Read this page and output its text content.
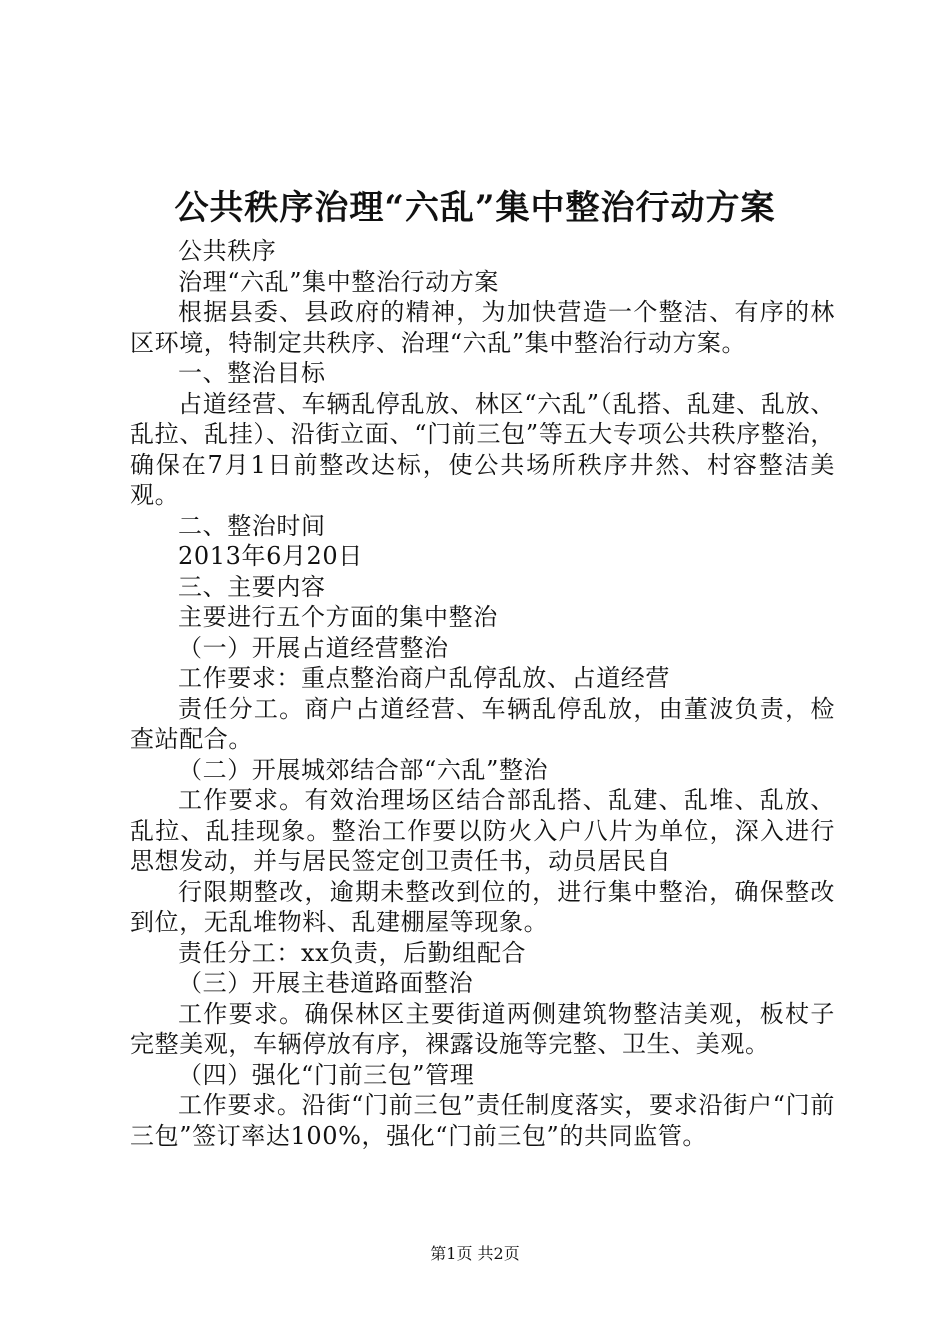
公共秩序治理“六乱”集中整治行动方案

公共秩序

治理“六乱”集中整治行动方案

根据县委、县政府的精神，为加快营造一个整洁、有序的林区环境，特制定共秩序、治理“六乱”集中整治行动方案。

一、整治目标

占道经营、车辆乱停乱放、林区“六乱”（乱搭、乱建、乱放、乱拉、乱挂）、沿街立面、“门前三包”等五大专项公共秩序整治，确保在7月1日前整改达标，使公共场所秩序井然、村容整洁美观。

二、整治时间

2013年6月20日

三、主要内容

主要进行五个方面的集中整治

（一）开展占道经营整治

工作要求：重点整治商户乱停乱放、占道经营

责任分工。商户占道经营、车辆乱停乱放，由董波负责，检查站配合。

（二）开展城郊结合部“六乱”整治

工作要求。有效治理场区结合部乱搭、乱建、乱堆、乱放、乱拉、乱挂现象。整治工作要以防火入户八片为单位，深入进行思想发动，并与居民签定创卫责任书，动员居民自

行限期整改，逾期未整改到位的，进行集中整治，确保整改到位，无乱堆物料、乱建棚屋等现象。

责任分工：xx负责，后勤组配合

（三）开展主巷道路面整治

工作要求。确保林区主要街道两侧建筑物整洁美观，板杖子完整美观，车辆停放有序，裸露设施等完整、卫生、美观。

（四）强化“门前三包”管理

工作要求。沿街“门前三包”责任制度落实，要求沿街户“门前三包”签订率达100%，强化“门前三包”的共同监管。

第1页 共2页
